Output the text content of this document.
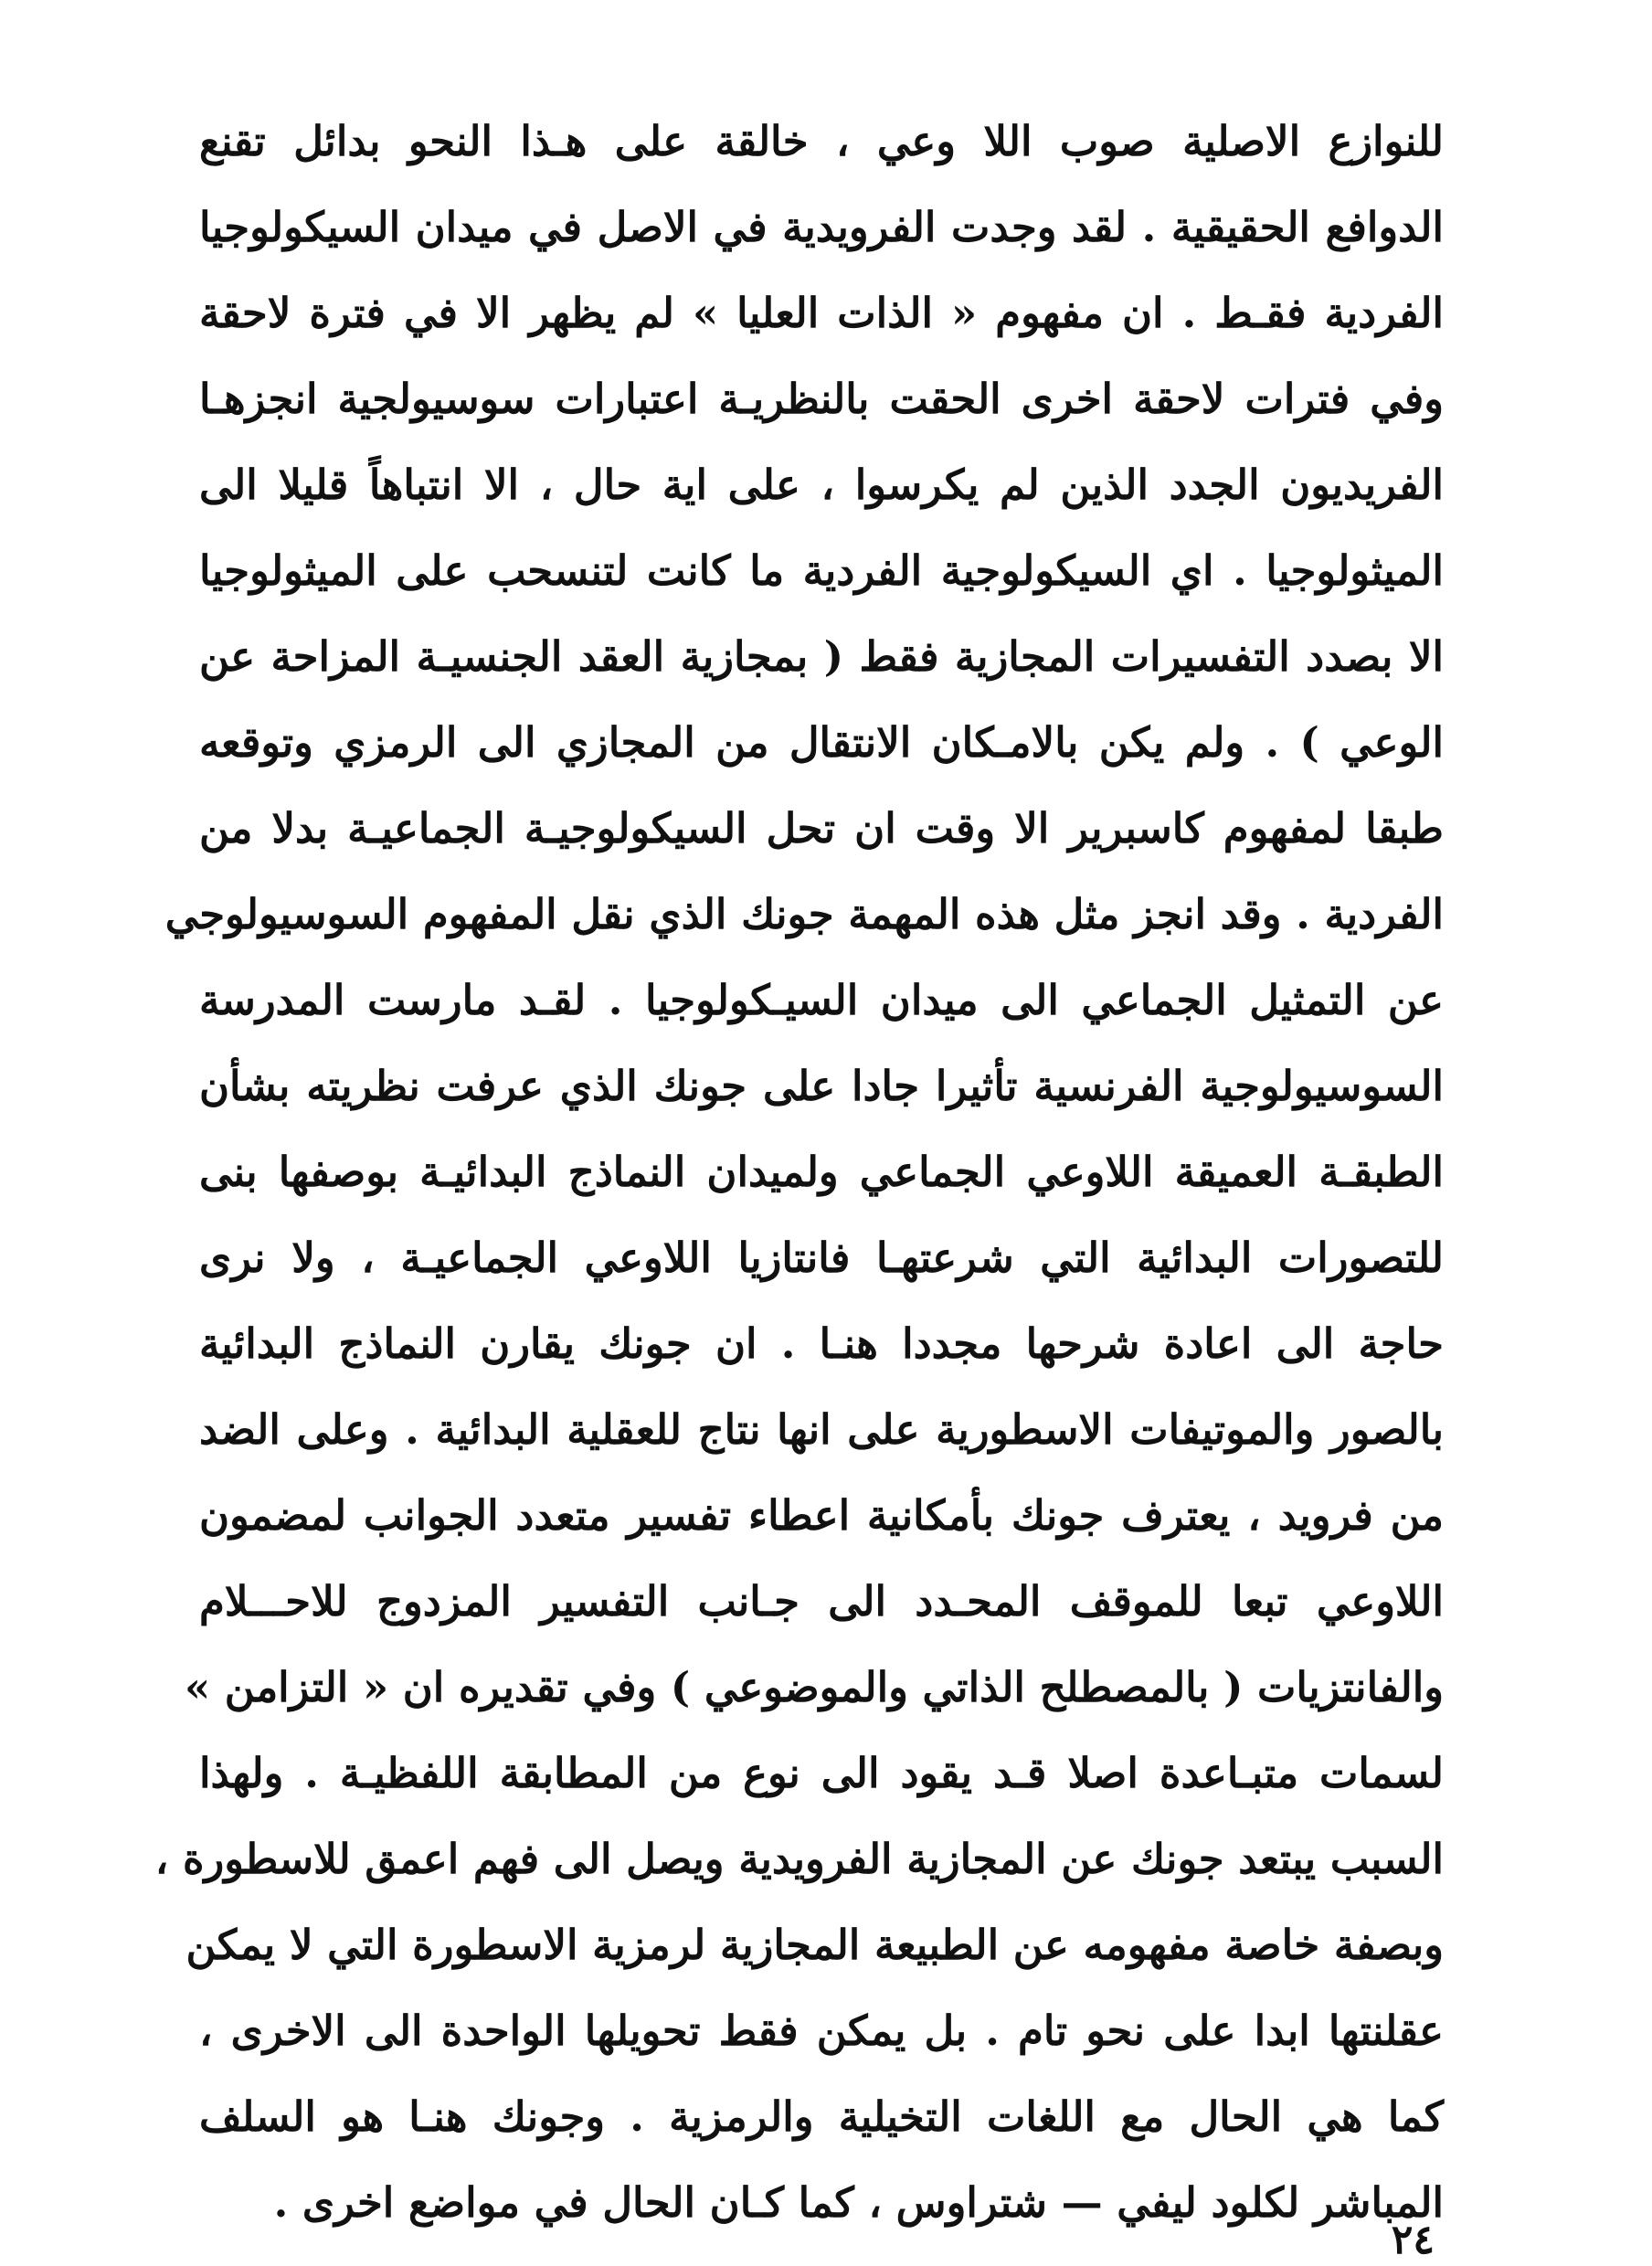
للنوازع الاصلية صوب اللا وعي ، خالقة على هـذا النحو بدائل تقنع
الدوافع الحقيقية . لقد وجدت الفرويدية في الاصل في ميدان السيكولوجيا
الفردية فقـط . ان مفهوم « الذات العليا » لم يظهر الا في فترة لاحقة
وفي فترات لاحقة اخرى الحقت بالنظريـة اعتبارات سوسيولجية انجزهـا
الفريديون الجدد الذين لم يكرسوا ، على اية حال ، الا انتباهاً قليلا الى
الميثولوجيا . اي السيكولوجية الفردية ما كانت لتنسحب على الميثولوجيا
الا بصدد التفسيرات المجازية فقط ( بمجازية العقد الجنسيـة المزاحة عن
الوعي ) . ولم يكن بالامـكان الانتقال من المجازي الى الرمزي وتوقعه
طبقا لمفهوم كاسبرير الا وقت ان تحل السيكولوجيـة الجماعيـة بدلا من
الفردية . وقد انجز مثل هذه المهمة جونك الذي نقل المفهوم السوسيولوجي
عن التمثيل الجماعي الى ميدان السيـكولوجيا . لقـد مارست المدرسة
السوسيولوجية الفرنسية تأثيرا جادا على جونك الذي عرفت نظريته بشأن
الطبقـة العميقة اللاوعي الجماعي ولميدان النماذج البدائيـة بوصفها بنى
للتصورات البدائية التي شرعتهـا فانتازيا اللاوعي الجماعيـة ، ولا نرى
حاجة الى اعادة شرحها مجددا هنـا . ان جونك يقارن النماذج البدائية
بالصور والموتيفات الاسطورية على انها نتاج للعقلية البدائية . وعلى الضد
من فرويد ، يعترف جونك بأمكانية اعطاء تفسير متعدد الجوانب لمضمون
اللاوعي تبعا للموقف المحـدد الى جـانب التفسير المزدوج للاحـــلام
والفانتزيات ( بالمصطلح الذاتي والموضوعي ) وفي تقديره ان « التزامن »
لسمات متبـاعدة اصلا قـد يقود الى نوع من المطابقة اللفظيـة . ولهذا
السبب يبتعد جونك عن المجازية الفرويدية ويصل الى فهم اعمق للاسطورة ،
وبصفة خاصة مفهومه عن الطبيعة المجازية لرمزية الاسطورة التي لا يمكن
عقلنتها ابدا على نحو تام . بل يمكن فقط تحويلها الواحدة الى الاخرى ،
كما هي الحال مع اللغات التخيلية والرمزية . وجونك هنـا هو السلف
المباشر لكلود ليفي — شتراوس ، كما كـان الحال في مواضع اخرى .
٢٤
